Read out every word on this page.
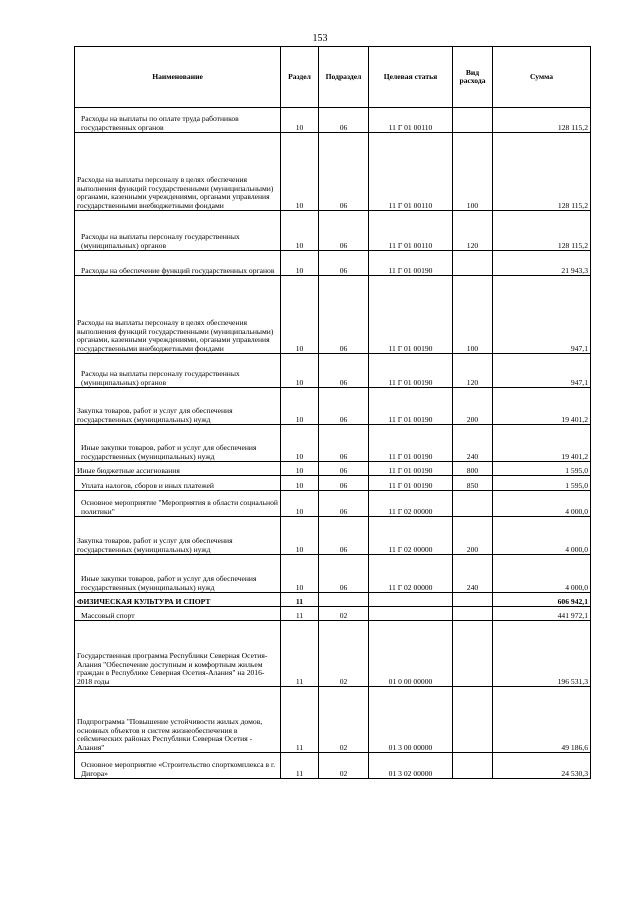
153
Наименование	Раздел	Подраздел	Целевая статья	Вид расхода	Сумма
Расходы на выплаты по оплате труда работников государственных органов	10	06	11 Г 01 00110		128 115,2
Расходы на выплаты персоналу в целях обеспечения выполнения функций государственными (муниципальными) органами, казенными учреждениями, органами управления государственными внебюджетными фондами	10	06	11 Г 01 00110	100	128 115,2
Расходы на выплаты персоналу государственных (муниципальных) органов	10	06	11 Г 01 00110	120	128 115,2
Расходы на обеспечение функций государственных органов	10	06	11 Г 01 00190		21 943,3
Расходы на выплаты персоналу в целях обеспечения выполнения функций государственными (муниципальными) органами, казенными учреждениями, органами управления государственными внебюджетными фондами	10	06	11 Г 01 00190	100	947,1
Расходы на выплаты персоналу государственных (муниципальных) органов	10	06	11 Г 01 00190	120	947,1
Закупка товаров, работ и услуг для обеспечения государственных (муниципальных) нужд	10	06	11 Г 01 00190	200	19 401,2
Иные закупки товаров, работ и услуг для обеспечения государственных (муниципальных) нужд	10	06	11 Г 01 00190	240	19 401,2
Иные бюджетные ассигнования	10	06	11 Г 01 00190	800	1 595,0
Уплата налогов, сборов и иных платежей	10	06	11 Г 01 00190	850	1 595,0
Основное мероприятие "Мероприятия в области социальной политики"	10	06	11 Г 02 00000		4 000,0
Закупка товаров, работ и услуг для обеспечения государственных (муниципальных) нужд	10	06	11 Г 02 00000	200	4 000,0
Иные закупки товаров, работ и услуг для обеспечения государственных (муниципальных) нужд	10	06	11 Г 02 00000	240	4 000,0
ФИЗИЧЕСКАЯ КУЛЬТУРА И СПОРТ	11				606 942,1
Массовый спорт	11	02			441 972,1
Государственная программа Республики Северная Осетия-Алания "Обеспечение доступным и комфортным жильем граждан в Республике Северная Осетия-Алания" на 2016-2018 годы	11	02	01 0 00 00000		196 531,3
Подпрограмма "Повышение устойчивости жилых домов, основных объектов и систем жизнеобеспечения в сейсмических районах Республики Северная Осетия - Алания"	11	02	01 3 00 00000		49 186,6
Основное мероприятие «Строительство спорткомплекса в г. Дигора»	11	02	01 3 02 00000		24 530,3
